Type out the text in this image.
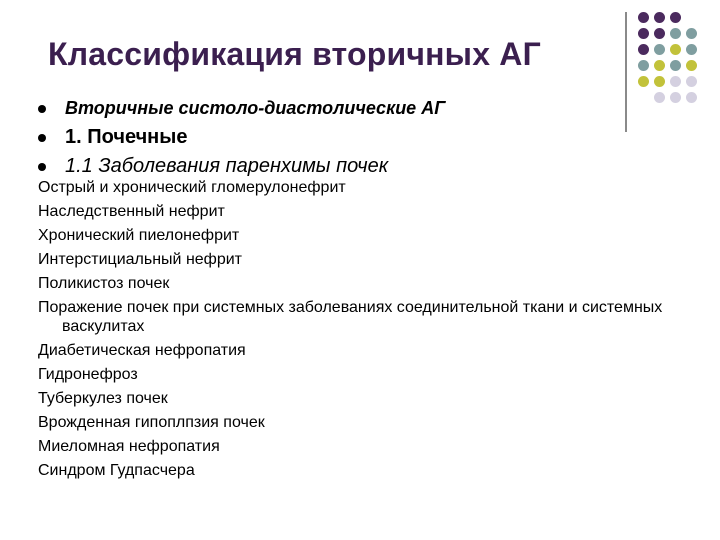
Классификация вторичных АГ
Вторичные систоло-диастолические АГ
1. Почечные
1.1 Заболевания паренхимы почек
Острый и хронический гломерулонефрит
Наследственный нефрит
Хронический пиелонефрит
Интерстициальный нефрит
Поликистоз почек
Поражение почек при системных заболеваниях соединительной ткани и системных васкулитах
Диабетическая нефропатия
Гидронефроз
Туберкулез почек
Врожденная гипоплпзия почек
Миеломная нефропатия
Синдром Гудпасчера
